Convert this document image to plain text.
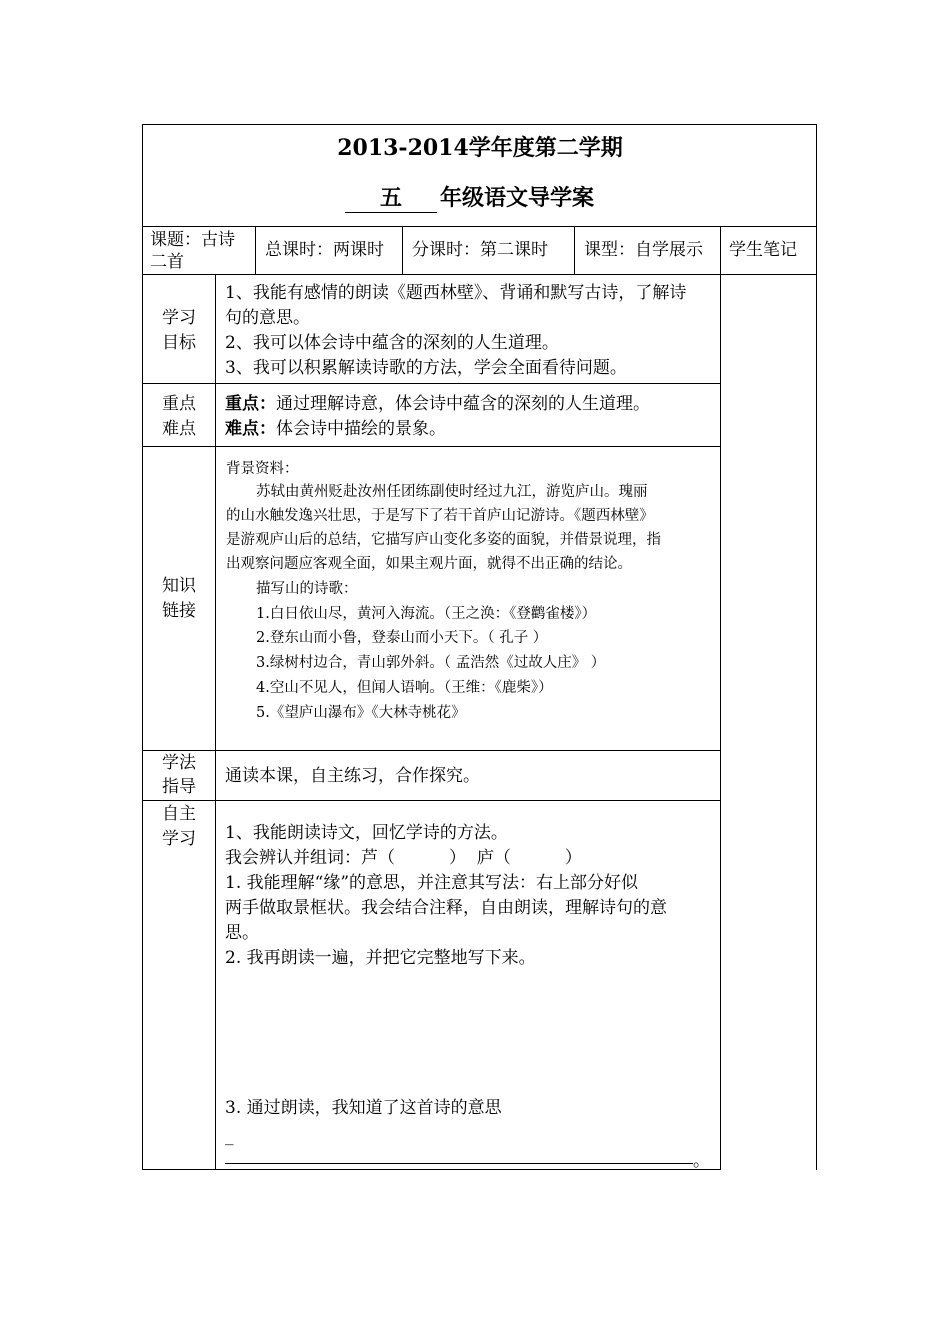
2013-2014学年度第二学期
五 年级语文导学案
课题：古诗
二首
总课时：两课时 分课时：第二课时 课型：自学展示 学生笔记
学习
目标
1、我能有感情的朗读《题西林壁》、背诵和默写古诗，了解诗
句的意思。
2、我可以体会诗中蕴含的深刻的人生道理。
3、我可以积累解读诗歌的方法，学会全面看待问题。
重点
难点
重点：通过理解诗意，体会诗中蕴含的深刻的人生道理。
难点：体会诗中描绘的景象。
知识
链接
背景资料：
苏轼由黄州贬赴汝州任团练副使时经过九江，游览庐山。瑰丽
的山水触发逸兴壮思，于是写下了若干首庐山记游诗。《题西林壁》
是游观庐山后的总结，它描写庐山变化多姿的面貌，并借景说理，指
出观察问题应客观全面，如果主观片面，就得不出正确的结论。
描写山的诗歌：
1.白日依山尽，黄河入海流。（王之涣：《登鹳雀楼》）
2.登东山而小鲁，登泰山而小天下。（ 孔子 ）
3.绿树村边合，青山郭外斜。（ 孟浩然《过故人庄》 ）
4.空山不见人，但闻人语响。（王维：《鹿柴》）
5.《望庐山瀑布》《大林寺桃花》
学法
指导
通读本课，自主练习，合作探究。
自主
学习	1、我能朗读诗文，回忆学诗的方法。
我会辨认并组词：芦（          ）  庐（          ）
1. 我能理解“缘”的意思，并注意其写法：右上部分好似
两手做取景框状。我会结合注释，自由朗读，理解诗句的意
思。
2. 我再朗读一遍，并把它完整地写下来。
3. 通过朗读，我知道了这首诗的意思
_
。
